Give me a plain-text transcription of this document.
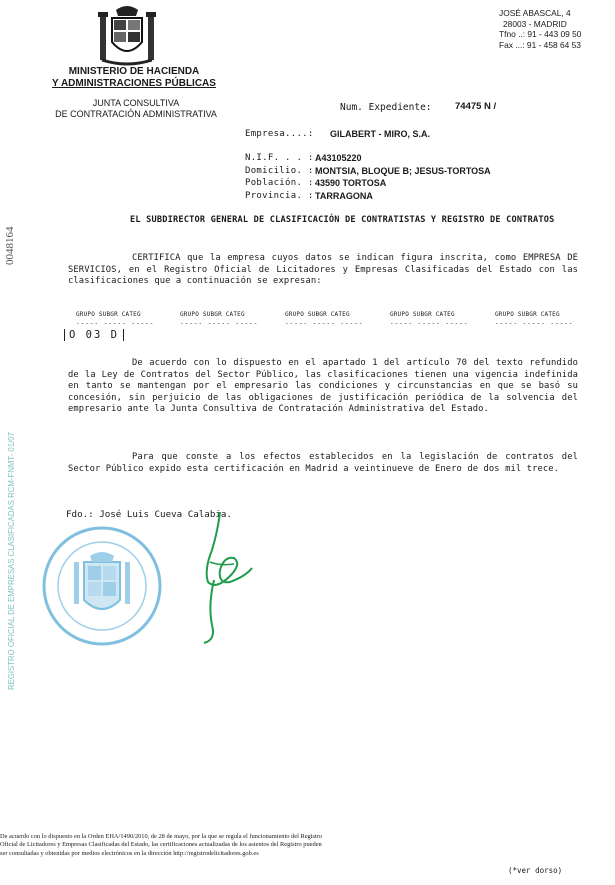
JOSÉ ABASCAL, 4
28003 - MADRID
Tfno ..: 91 - 443 09 50
Fax ...: 91 - 458 64 53
MINISTERIO DE HACIENDA
Y ADMINISTRACIONES PÚBLICAS
JUNTA CONSULTIVA
DE CONTRATACIÓN ADMINISTRATIVA
Num. Expediente: 74475 N /
Empresa....: GILABERT - MIRO, S.A.
N.I.F. . . : A43105220
Domicilio. : MONTSIA, BLOQUE B; JESUS-TORTOSA
Población. : 43590 TORTOSA
Provincia. : TARRAGONA
EL SUBDIRECTOR GENERAL DE CLASIFICACIÓN DE CONTRATISTAS Y REGISTRO DE CONTRATOS
CERTIFICA que la empresa cuyos datos se indican figura inscrita, como EMPRESA DE SERVICIOS, en el Registro Oficial de Licitadores y Empresas Clasificadas del Estado con las clasificaciones que a continuación se expresan:
GRUPO SUBGR CATEG	GRUPO SUBGR CATEG	GRUPO SUBGR CATEG	GRUPO SUBGR CATEG	GRUPO SUBGR CATEG
----- ----- -----	----- ----- -----	----- ----- -----	----- ----- -----	----- ----- -----
O 03 D
De acuerdo con lo dispuesto en el apartado 1 del artículo 70 del texto refundido de la Ley de Contratos del Sector Público, las clasificaciones tienen una vigencia indefinida en tanto se mantengan por el empresario las condiciones y circunstancias en que se basó su concesión, sin perjuicio de las obligaciones de justificación periódica de la solvencia del empresario ante la Junta Consultiva de Contratación Administrativa del Estado.
Para que conste a los efectos establecidos en la legislación de contratos del Sector Público expido esta certificación en Madrid a veintinueve de Enero de dos mil trece.
Fdo.: José Luis Cueva Calabia.
0048164
REGISTRO OFICIAL DE EMPRESAS CLASIFICADAS RCM-FNMT- 01/07
De acuerdo con lo dispuesto en la Orden EHA/1490/2010, de 28 de mayo, por la que se regula el funcionamiento del Registro
Oficial de Licitadores y Empresas Clasificadas del Estado, las certificaciones actualizadas de los asientos del Registro pueden
ser consultadas y obtenidas por medios electrónicos en la dirección http://registrodelicitadores.gob.es
(*ver dorso)
